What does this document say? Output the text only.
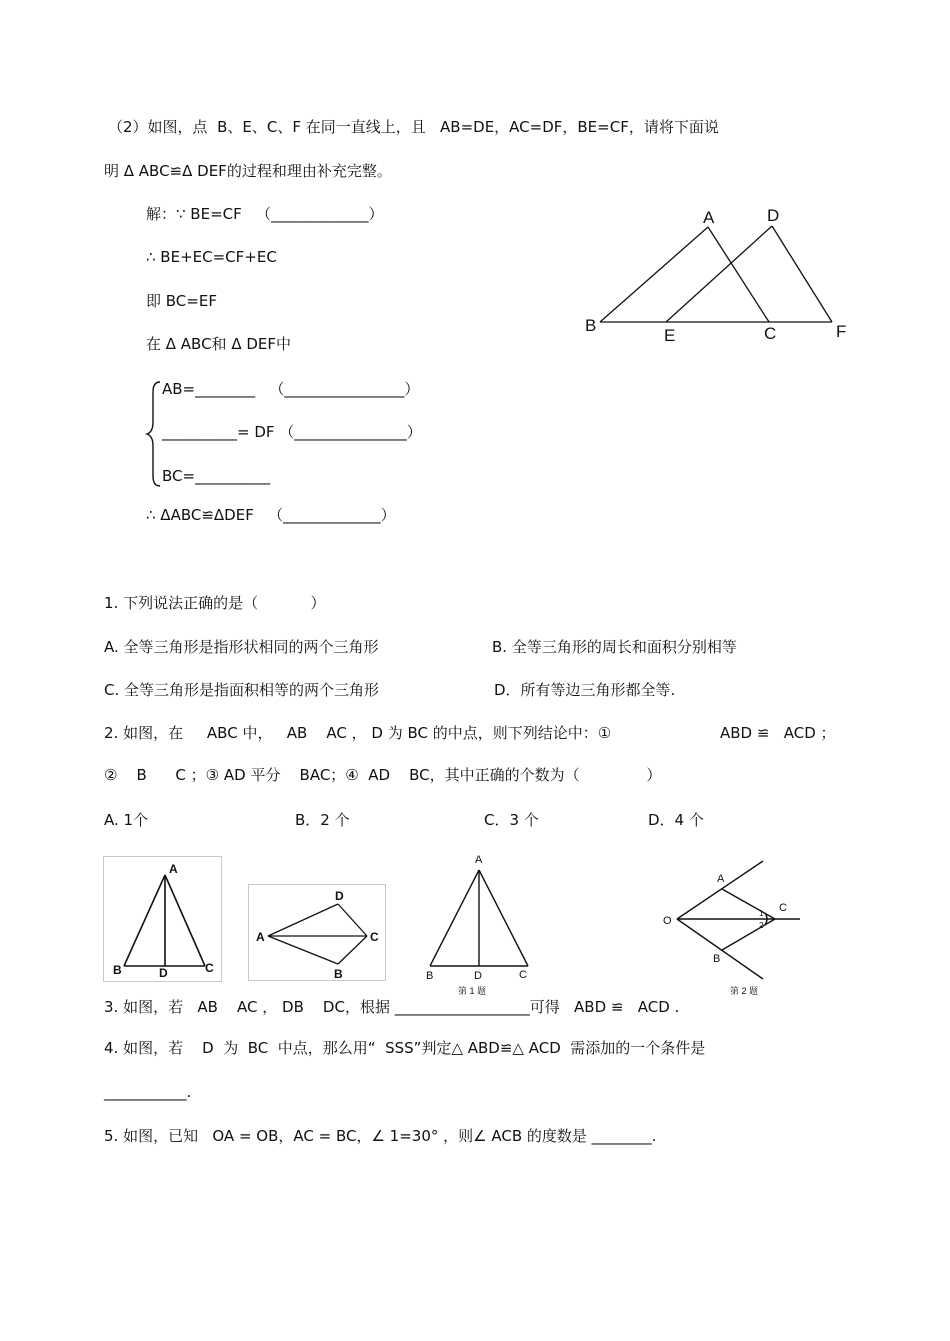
（2）如图，点  B、E、C、F 在同一直线上，且   AB=DE，AC=DF，BE=CF，请将下面说
明 Δ ABC≌Δ DEF的过程和理由补充完整。
解：∵ BE=CF   （_____________）
∴ BE+EC=CF+EC
即 BC=EF
在 Δ ABC和 Δ DEF中
AB=________   （________________）
__________= DF （_______________）
BC=__________
∴ ΔABC≌ΔDEF   （_____________）
A	D
B
E	C	F
1. 下列说法正确的是（           ）
A. 全等三角形是指形状相同的两个三角形	B. 全等三角形的周长和面积分别相等
C. 全等三角形是指面积相等的两个三角形	D．所有等边三角形都全等.
2. 如图，在     ABC 中，   AB    AC ， D 为 BC 的中点，则下列结论中：①	ABD ≌   ACD ；
②    B      C ；③ AD 平分    BAC；④  AD    BC，其中正确的个数为（              ）
A. 1个	B．2 个	C．3 个	D．4 个
A
B	C
D
A
D
C
B
A
B	D	C
第 1 题
A
O
C
B
1
2
第 2 题
3. 如图，若   AB    AC ， DB    DC，根据 __________________可得   ABD ≌   ACD .
4. 如图，若    D  为  BC  中点，那么用“  SSS”判定△ ABD≌△ ACD  需添加的一个条件是
___________.
5. 如图，已知   OA = OB，AC = BC，∠ 1=30° ，则∠ ACB 的度数是 ________.
